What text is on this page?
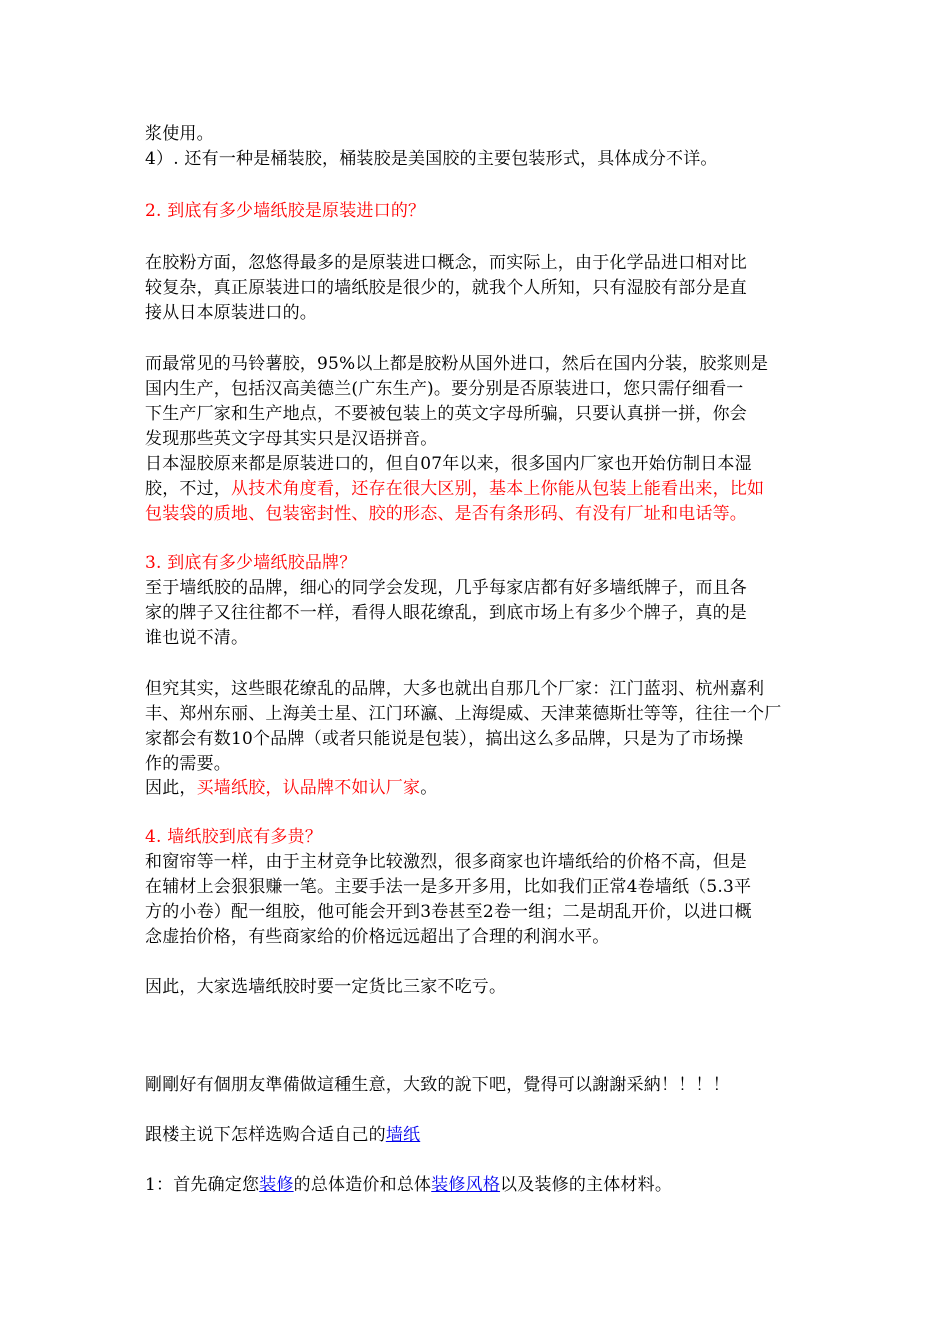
浆使用。
4）. 还有一种是桶装胶，桶装胶是美国胶的主要包装形式，具体成分不详。
2. 到底有多少墙纸胶是原装进口的？
在胶粉方面，忽悠得最多的是原装进口概念，而实际上，由于化学品进口相对比
较复杂，真正原装进口的墙纸胶是很少的，就我个人所知，只有湿胶有部分是直
接从日本原装进口的。
而最常见的马铃薯胶，95%以上都是胶粉从国外进口，然后在国内分装，胶浆则是
国内生产，包括汉高美德兰(广东生产)。要分别是否原装进口，您只需仔细看一
下生产厂家和生产地点，不要被包装上的英文字母所骗，只要认真拼一拼，你会
发现那些英文字母其实只是汉语拼音。
日本湿胶原来都是原装进口的，但自07年以来，很多国内厂家也开始仿制日本湿
胶，不过，从技术角度看，还存在很大区别，基本上你能从包装上能看出来，比如
包装袋的质地、包装密封性、胶的形态、是否有条形码、有没有厂址和电话等。
3. 到底有多少墙纸胶品牌？
至于墙纸胶的品牌，细心的同学会发现，几乎每家店都有好多墙纸牌子，而且各
家的牌子又往往都不一样，看得人眼花缭乱，到底市场上有多少个牌子，真的是
谁也说不清。
但究其实，这些眼花缭乱的品牌，大多也就出自那几个厂家：江门蓝羽、杭州嘉利
丰、郑州东丽、上海美士星、江门环瀛、上海缇威、天津莱德斯壮等等，往往一个厂
家都会有数10个品牌（或者只能说是包装），搞出这么多品牌，只是为了市场操
作的需要。
因此，买墙纸胶，认品牌不如认厂家。
4. 墙纸胶到底有多贵？
和窗帘等一样，由于主材竞争比较激烈，很多商家也许墙纸给的价格不高，但是
在辅材上会狠狠赚一笔。主要手法一是多开多用，比如我们正常4卷墙纸（5.3平
方的小卷）配一组胶，他可能会开到3卷甚至2卷一组；二是胡乱开价，以进口概
念虚抬价格，有些商家给的价格远远超出了合理的利润水平。
因此，大家选墙纸胶时要一定货比三家不吃亏。
剛剛好有個朋友準備做這種生意，大致的說下吧，覺得可以謝謝采納！！！！
跟楼主说下怎样选购合适自己的墙纸
1：首先确定您装修的总体造价和总体装修风格以及装修的主体材料。
